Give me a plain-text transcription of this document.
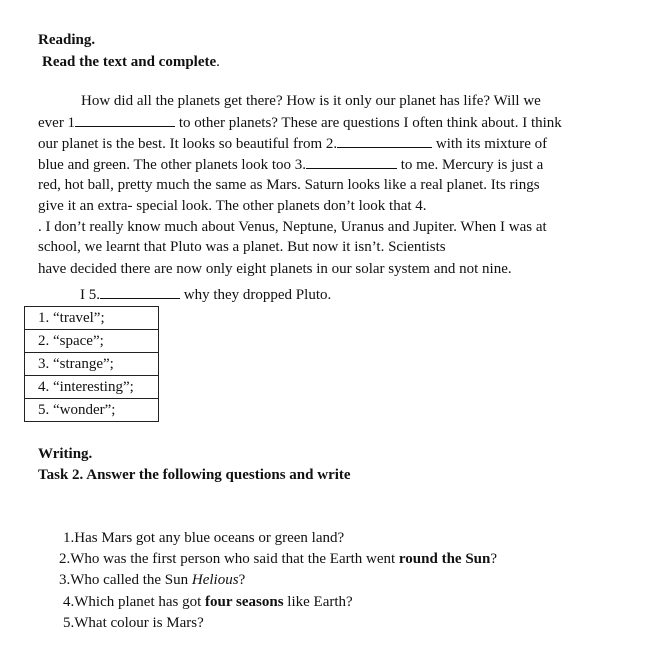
Reading.
Read the text and complete.
How did all the planets get there? How is it only our planet has life? Will we
ever 1	to other planets? These are questions I often think about. I think
our planet is the best. It looks so beautiful from 2.	with its mixture of
blue and green. The other planets look too 3.	to me. Mercury is just a
red, hot ball, pretty much the same as Mars. Saturn looks like a real planet. Its rings
give it an extra- special look. The other planets don’t look that 4.
. I don’t really know much about Venus, Neptune, Uranus and Jupiter. When I was at
school, we learnt that Pluto was a planet. But now it isn’t. Scientists
have decided there are now only eight planets in our solar system and not nine.
I 5.	why they dropped Pluto.
1. “travel”;
2. “space”;
3. “strange”;
4. “interesting”;
5. “wonder”;
Writing.
Task 2. Answer the following questions and write
1.Has Mars got any blue oceans or green land?
2.Who was the first person who said that the Earth went round the Sun?
3.Who called the Sun Helious?
4.Which planet has got four seasons like Earth?
5.What colour is Mars?
